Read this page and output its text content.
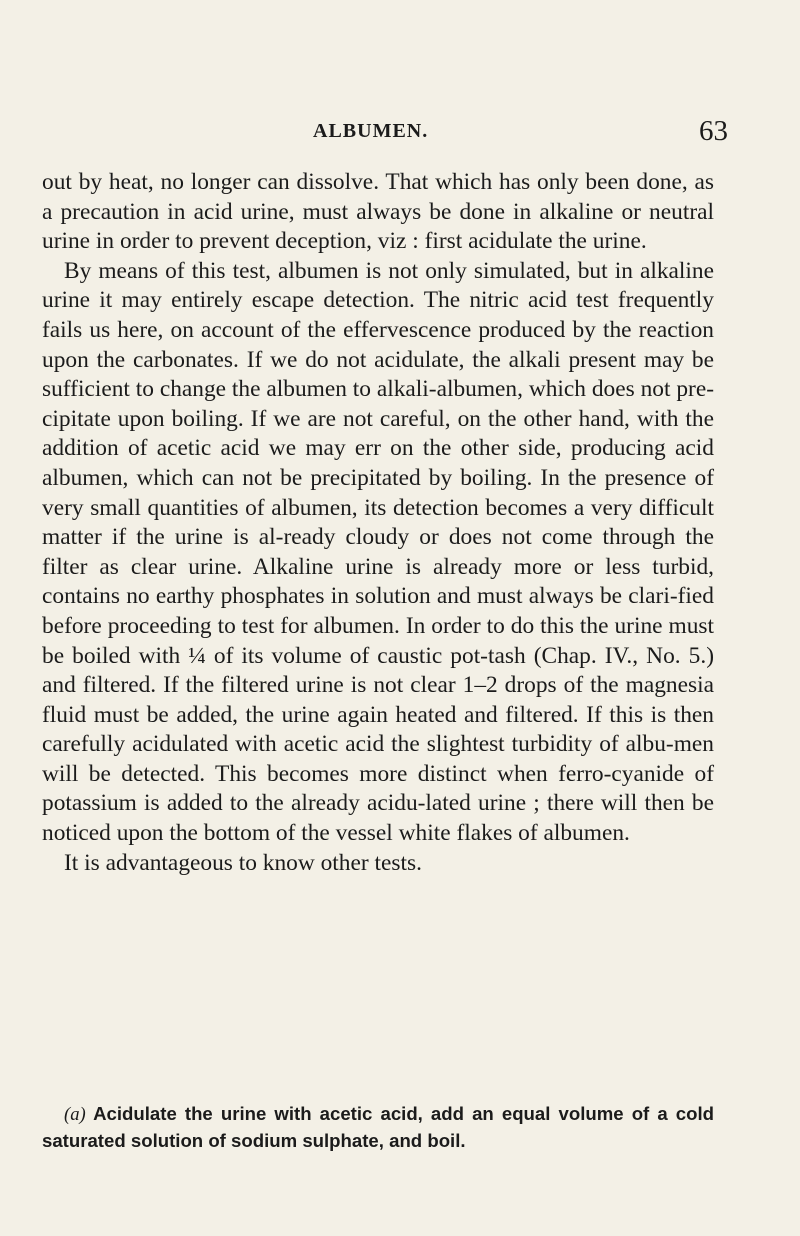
ALBUMEN.	63

out by heat, no longer can dissolve. That which has only been done, as a precaution in acid urine, must always be done in alkaline or neutral urine in order to prevent deception, viz : first acidulate the urine.

By means of this test, albumen is not only simulated, but in alkaline urine it may entirely escape detection. The nitric acid test frequently fails us here, on account of the effervescence produced by the reaction upon the carbonates. If we do not acidulate, the alkali present may be sufficient to change the albumen to alkali-albumen, which does not pre-cipitate upon boiling. If we are not careful, on the other hand, with the addition of acetic acid we may err on the other side, producing acid albumen, which can not be precipitated by boiling. In the presence of very small quantities of albumen, its detection becomes a very difficult matter if the urine is al-ready cloudy or does not come through the filter as clear urine. Alkaline urine is already more or less turbid, contains no earthy phosphates in solution and must always be clari-fied before proceeding to test for albumen. In order to do this the urine must be boiled with ¼ of its volume of caustic pot-tash (Chap. IV., No. 5.) and filtered. If the filtered urine is not clear 1–2 drops of the magnesia fluid must be added, the urine again heated and filtered. If this is then carefully acidulated with acetic acid the slightest turbidity of albu-men will be detected. This becomes more distinct when ferro-cyanide of potassium is added to the already acidu-lated urine ; there will then be noticed upon the bottom of the vessel white flakes of albumen.

It is advantageous to know other tests.

(a) Acidulate the urine with acetic acid, add an equal volume of a cold saturated solution of sodium sulphate, and boil.
